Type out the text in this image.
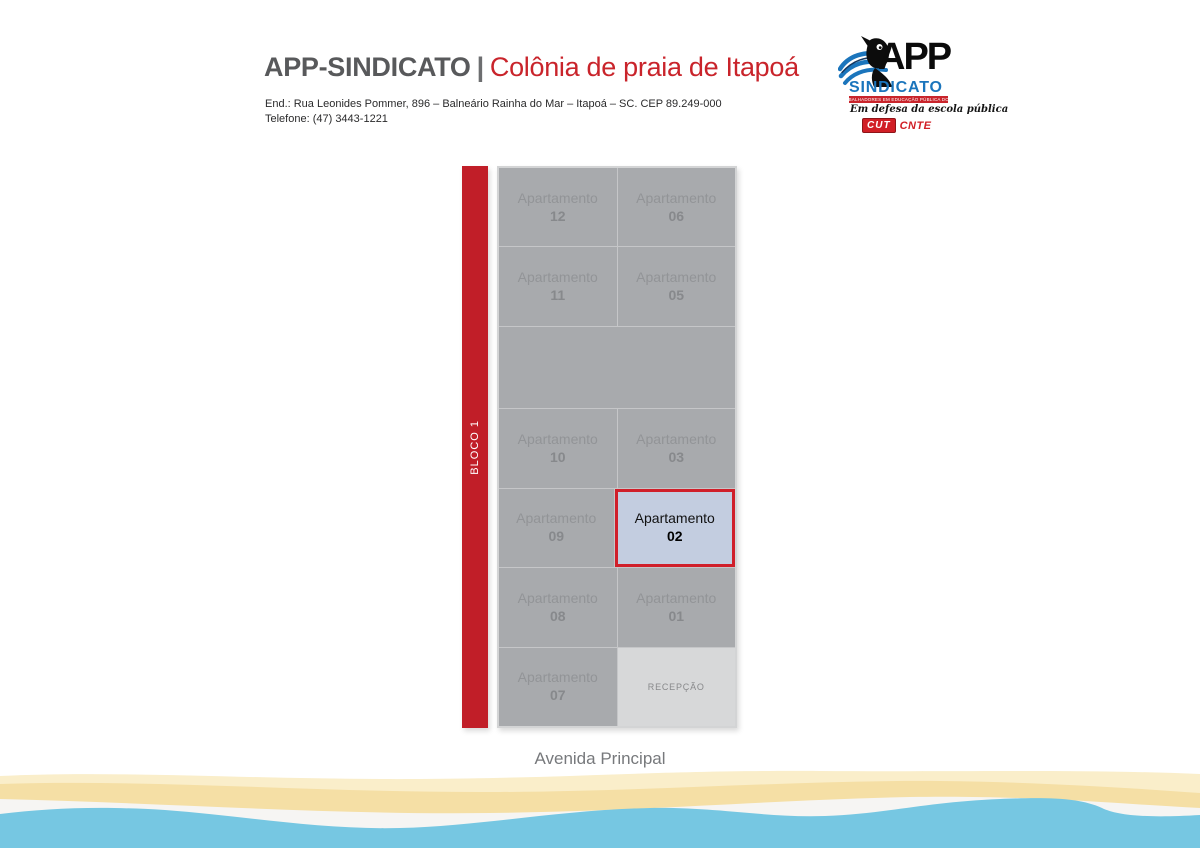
APP-SINDICATO | Colônia de praia de Itapoá
End.: Rua Leonides Pommer, 896 – Balneário Rainha do Mar – Itapoá – SC. CEP 89.249-000
Telefone: (47) 3443-1221
APP
SINDICATO
DOS TRABALHADORES EM EDUCAÇÃO PÚBLICA DO PARANÁ
Em defesa da escola pública
CUT CNTE
BLOCO 1
Apartamento
12
Apartamento
06
Apartamento
11
Apartamento
05
Apartamento
10
Apartamento
03
Apartamento
09
Apartamento
02
Apartamento
08
Apartamento
01
Apartamento
07
RECEPÇÃO
Avenida Principal
